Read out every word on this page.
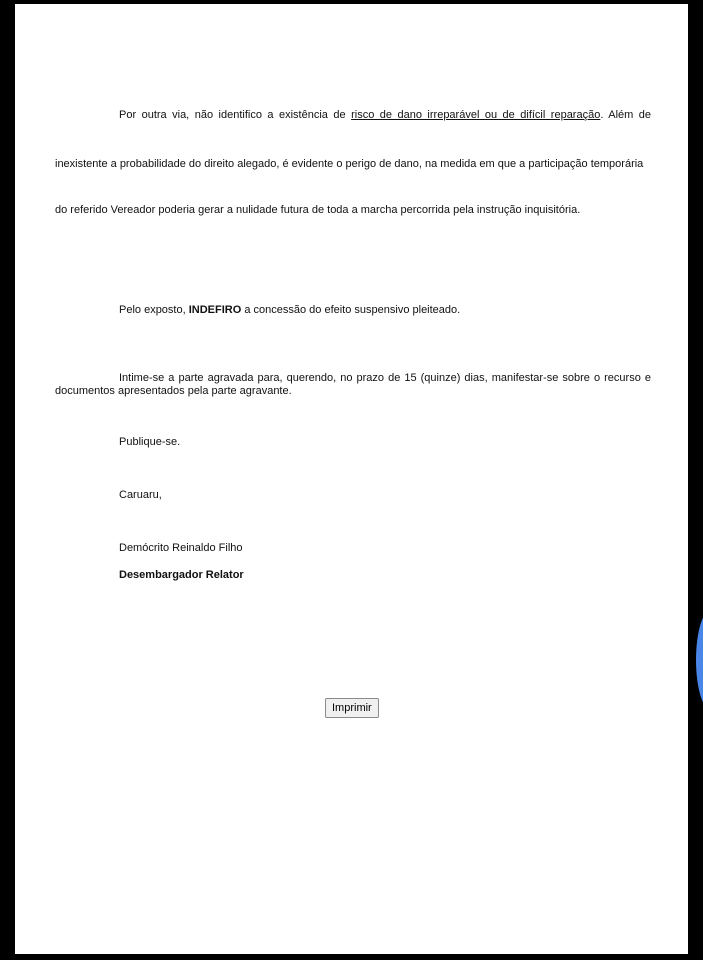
Por outra via, não identifico a existência de risco de dano irreparável ou de difícil reparação. Além de
inexistente a probabilidade do direito alegado, é evidente o perigo de dano, na medida em que a participação temporária
do referido Vereador poderia gerar a nulidade futura de toda a marcha percorrida pela instrução inquisitória.
Pelo exposto, INDEFIRO a concessão do efeito suspensivo pleiteado.
Intime-se a parte agravada para, querendo, no prazo de 15 (quinze) dias, manifestar-se sobre o recurso e
documentos apresentados pela parte agravante.
Publique-se.
Caruaru,
Demócrito Reinaldo Filho
Desembargador Relator
Imprimir
